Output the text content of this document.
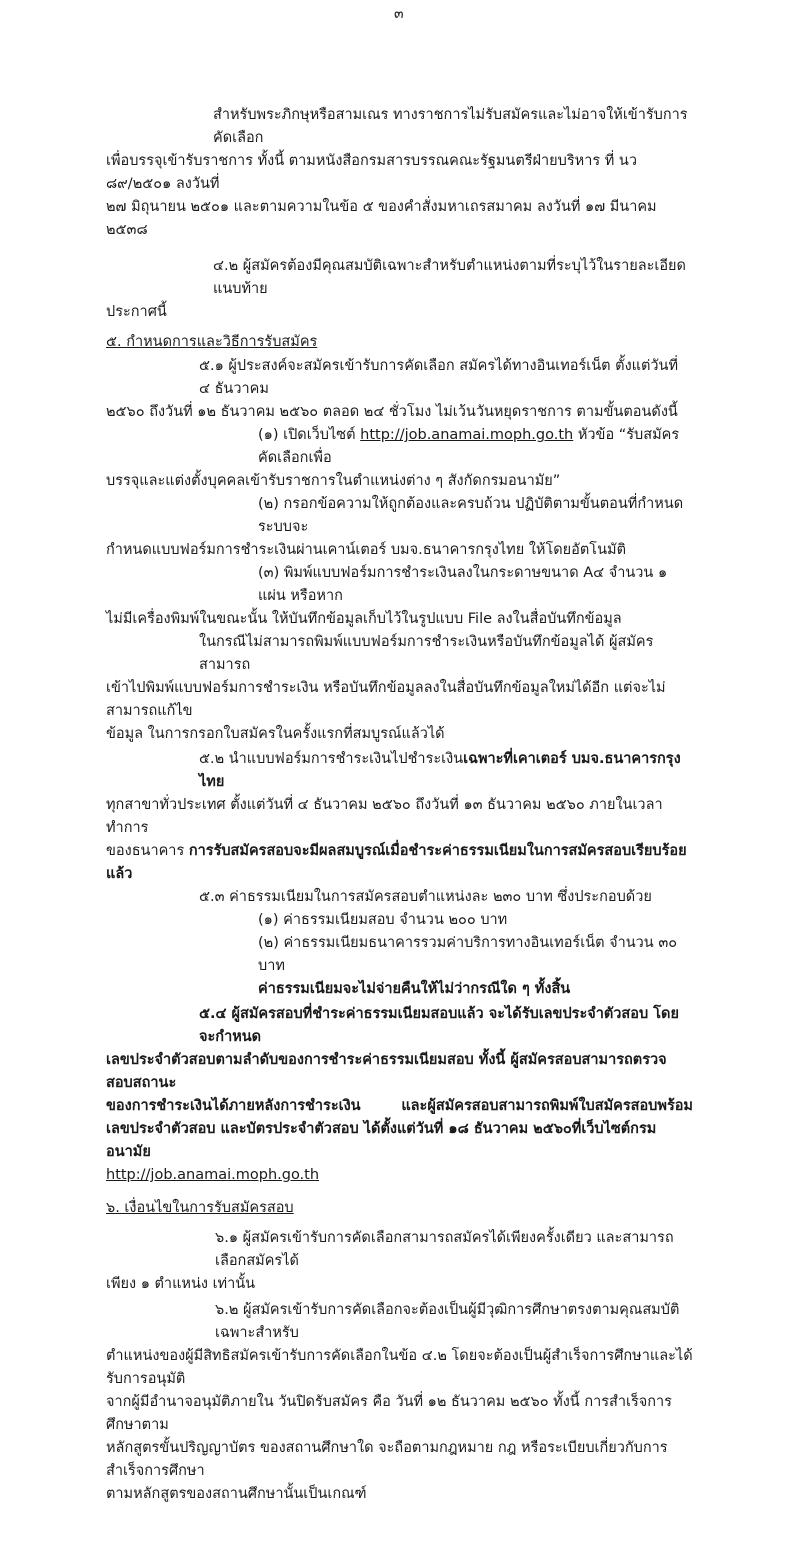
๓
สำหรับพระภิกษุหรือสามเณร ทางราชการไม่รับสมัครและไม่อาจให้เข้ารับการคัดเลือก
เพื่อบรรจุเข้ารับราชการ ทั้งนี้ ตามหนังสือกรมสารบรรณคณะรัฐมนตรีฝ่ายบริหาร ที่ นว ๘๙/๒๕๐๑ ลงวันที่
๒๗ มิถุนายน ๒๕๐๑ และตามความในข้อ ๕ ของคำสั่งมหาเถรสมาคม ลงวันที่ ๑๗ มีนาคม ๒๕๓๘
๔.๒ ผู้สมัครต้องมีคุณสมบัติเฉพาะสำหรับตำแหน่งตามที่ระบุไว้ในรายละเอียดแนบท้าย
ประกาศนี้
๕. กำหนดการและวิธีการรับสมัคร
๕.๑ ผู้ประสงค์จะสมัครเข้ารับการคัดเลือก สมัครได้ทางอินเทอร์เน็ต ตั้งแต่วันที่ ๔ ธันวาคม
๒๕๖๐ ถึงวันที่ ๑๒ ธันวาคม ๒๕๖๐ ตลอด ๒๔ ชั่วโมง ไม่เว้นวันหยุดราชการ ตามขั้นตอนดังนี้
(๑) เปิดเว็บไซต์ http://job.anamai.moph.go.th หัวข้อ “รับสมัครคัดเลือกเพื่อ
บรรจุและแต่งตั้งบุคคลเข้ารับราชการในตำแหน่งต่าง ๆ สังกัดกรมอนามัย”
(๒) กรอกข้อความให้ถูกต้องและครบถ้วน ปฏิบัติตามขั้นตอนที่กำหนด ระบบจะ
กำหนดแบบฟอร์มการชำระเงินผ่านเคาน์เตอร์ บมจ.ธนาคารกรุงไทย ให้โดยอัตโนมัติ
(๓) พิมพ์แบบฟอร์มการชำระเงินลงในกระดาษขนาด A๔ จำนวน ๑ แผ่น หรือหาก
ไม่มีเครื่องพิมพ์ในขณะนั้น ให้บันทึกข้อมูลเก็บไว้ในรูปแบบ File ลงในสื่อบันทึกข้อมูล
ในกรณีไม่สามารถพิมพ์แบบฟอร์มการชำระเงินหรือบันทึกข้อมูลได้ ผู้สมัครสามารถ
เข้าไปพิมพ์แบบฟอร์มการชำระเงิน หรือบันทึกข้อมูลลงในสื่อบันทึกข้อมูลใหม่ได้อีก แต่จะไม่สามารถแก้ไข
ข้อมูล ในการกรอกใบสมัครในครั้งแรกที่สมบูรณ์แล้วได้
๕.๒ นำแบบฟอร์มการชำระเงินไปชำระเงินเฉพาะที่เคาเตอร์ บมจ.ธนาคารกรุงไทย
ทุกสาขาทั่วประเทศ ตั้งแต่วันที่ ๔ ธันวาคม ๒๕๖๐ ถึงวันที่ ๑๓ ธันวาคม ๒๕๖๐ ภายในเวลาทำการ
ของธนาคาร การรับสมัครสอบจะมีผลสมบูรณ์เมื่อชำระค่าธรรมเนียมในการสมัครสอบเรียบร้อยแล้ว
๕.๓ ค่าธรรมเนียมในการสมัครสอบตำแหน่งละ ๒๓๐ บาท ซึ่งประกอบด้วย
(๑) ค่าธรรมเนียมสอบ จำนวน ๒๐๐ บาท
(๒) ค่าธรรมเนียมธนาคารรวมค่าบริการทางอินเทอร์เน็ต จำนวน ๓๐ บาท
ค่าธรรมเนียมจะไม่จ่ายคืนให้ไม่ว่ากรณีใด ๆ ทั้งสิ้น
๕.๔ ผู้สมัครสอบที่ชำระค่าธรรมเนียมสอบแล้ว จะได้รับเลขประจำตัวสอบ โดยจะกำหนด
เลขประจำตัวสอบตามลำดับของการชำระค่าธรรมเนียมสอบ ทั้งนี้ ผู้สมัครสอบสามารถตรวจสอบสถานะ
ของการชำระเงินได้ภายหลังการชำระเงิน และผู้สมัครสอบสามารถพิมพ์ใบสมัครสอบพร้อม
เลขประจำตัวสอบ และบัตรประจำตัวสอบ ได้ตั้งแต่วันที่ ๑๘ ธันวาคม ๒๕๖๐ที่เว็บไซต์กรมอนามัย
http://job.anamai.moph.go.th
๖. เงื่อนไขในการรับสมัครสอบ
๖.๑ ผู้สมัครเข้ารับการคัดเลือกสามารถสมัครได้เพียงครั้งเดียว และสามารถเลือกสมัครได้
เพียง ๑ ตำแหน่ง เท่านั้น
๖.๒ ผู้สมัครเข้ารับการคัดเลือกจะต้องเป็นผู้มีวุฒิการศึกษาตรงตามคุณสมบัติเฉพาะสำหรับ
ตำแหน่งของผู้มีสิทธิสมัครเข้ารับการคัดเลือกในข้อ ๔.๒ โดยจะต้องเป็นผู้สำเร็จการศึกษาและได้รับการอนุมัติ
จากผู้มีอำนาจอนุมัติภายใน วันปิดรับสมัคร คือ วันที่ ๑๒ ธันวาคม ๒๕๖๐ ทั้งนี้ การสำเร็จการศึกษาตาม
หลักสูตรขั้นปริญญาบัตร ของสถานศึกษาใด จะถือตามกฎหมาย กฎ หรือระเบียบเกี่ยวกับการสำเร็จการศึกษา
ตามหลักสูตรของสถานศึกษานั้นเป็นเกณฑ์
